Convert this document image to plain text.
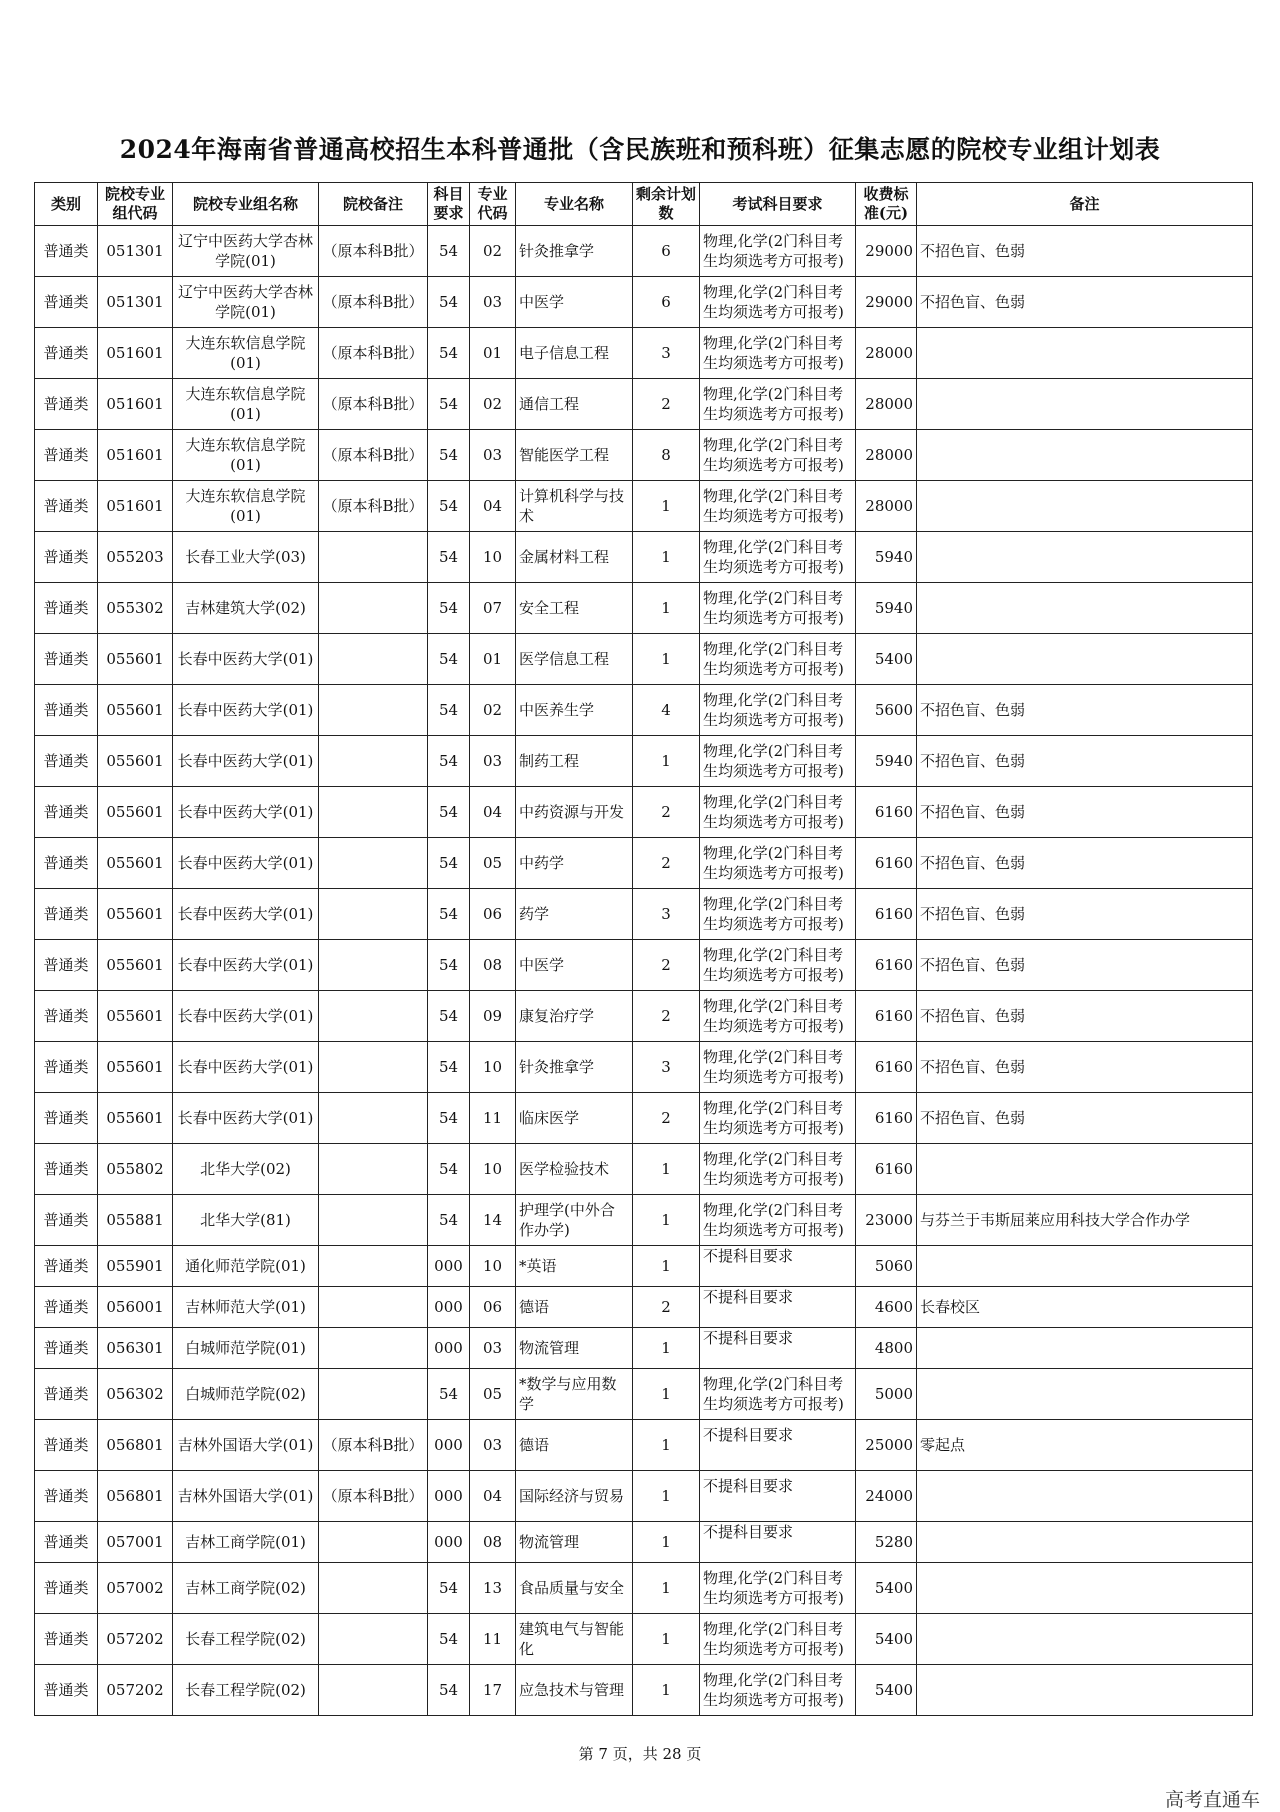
2024年海南省普通高校招生本科普通批（含民族班和预科班）征集志愿的院校专业组计划表
类别	院校专业组代码	院校专业组名称	院校备注	科目要求	专业代码	专业名称	剩余计划数	考试科目要求	收费标准(元)	备注
普通类	051301	辽宁中医药大学杏林学院(01)	（原本科B批）	54	02	针灸推拿学	6	物理,化学(2门科目考生均须选考方可报考)	29000	不招色盲、色弱
普通类	051301	辽宁中医药大学杏林学院(01)	（原本科B批）	54	03	中医学	6	物理,化学(2门科目考生均须选考方可报考)	29000	不招色盲、色弱
普通类	051601	大连东软信息学院(01)	（原本科B批）	54	01	电子信息工程	3	物理,化学(2门科目考生均须选考方可报考)	28000	
普通类	051601	大连东软信息学院(01)	（原本科B批）	54	02	通信工程	2	物理,化学(2门科目考生均须选考方可报考)	28000	
普通类	051601	大连东软信息学院(01)	（原本科B批）	54	03	智能医学工程	8	物理,化学(2门科目考生均须选考方可报考)	28000	
普通类	051601	大连东软信息学院(01)	（原本科B批）	54	04	计算机科学与技术	1	物理,化学(2门科目考生均须选考方可报考)	28000	
普通类	055203	长春工业大学(03)		54	10	金属材料工程	1	物理,化学(2门科目考生均须选考方可报考)	5940	
普通类	055302	吉林建筑大学(02)		54	07	安全工程	1	物理,化学(2门科目考生均须选考方可报考)	5940	
普通类	055601	长春中医药大学(01)		54	01	医学信息工程	1	物理,化学(2门科目考生均须选考方可报考)	5400	
普通类	055601	长春中医药大学(01)		54	02	中医养生学	4	物理,化学(2门科目考生均须选考方可报考)	5600	不招色盲、色弱
普通类	055601	长春中医药大学(01)		54	03	制药工程	1	物理,化学(2门科目考生均须选考方可报考)	5940	不招色盲、色弱
普通类	055601	长春中医药大学(01)		54	04	中药资源与开发	2	物理,化学(2门科目考生均须选考方可报考)	6160	不招色盲、色弱
普通类	055601	长春中医药大学(01)		54	05	中药学	2	物理,化学(2门科目考生均须选考方可报考)	6160	不招色盲、色弱
普通类	055601	长春中医药大学(01)		54	06	药学	3	物理,化学(2门科目考生均须选考方可报考)	6160	不招色盲、色弱
普通类	055601	长春中医药大学(01)		54	08	中医学	2	物理,化学(2门科目考生均须选考方可报考)	6160	不招色盲、色弱
普通类	055601	长春中医药大学(01)		54	09	康复治疗学	2	物理,化学(2门科目考生均须选考方可报考)	6160	不招色盲、色弱
普通类	055601	长春中医药大学(01)		54	10	针灸推拿学	3	物理,化学(2门科目考生均须选考方可报考)	6160	不招色盲、色弱
普通类	055601	长春中医药大学(01)		54	11	临床医学	2	物理,化学(2门科目考生均须选考方可报考)	6160	不招色盲、色弱
普通类	055802	北华大学(02)		54	10	医学检验技术	1	物理,化学(2门科目考生均须选考方可报考)	6160	
普通类	055881	北华大学(81)		54	14	护理学(中外合作办学)	1	物理,化学(2门科目考生均须选考方可报考)	23000	与芬兰于韦斯屈莱应用科技大学合作办学
普通类	055901	通化师范学院(01)		000	10	*英语	1	不提科目要求	5060	
普通类	056001	吉林师范大学(01)		000	06	德语	2	不提科目要求	4600	长春校区
普通类	056301	白城师范学院(01)		000	03	物流管理	1	不提科目要求	4800	
普通类	056302	白城师范学院(02)		54	05	*数学与应用数学	1	物理,化学(2门科目考生均须选考方可报考)	5000	
普通类	056801	吉林外国语大学(01)	（原本科B批）	000	03	德语	1	不提科目要求	25000	零起点
普通类	056801	吉林外国语大学(01)	（原本科B批）	000	04	国际经济与贸易	1	不提科目要求	24000	
普通类	057001	吉林工商学院(01)		000	08	物流管理	1	不提科目要求	5280	
普通类	057002	吉林工商学院(02)		54	13	食品质量与安全	1	物理,化学(2门科目考生均须选考方可报考)	5400	
普通类	057202	长春工程学院(02)		54	11	建筑电气与智能化	1	物理,化学(2门科目考生均须选考方可报考)	5400	
普通类	057202	长春工程学院(02)		54	17	应急技术与管理	1	物理,化学(2门科目考生均须选考方可报考)	5400	
第 7 页，共 28 页
高考直通车
